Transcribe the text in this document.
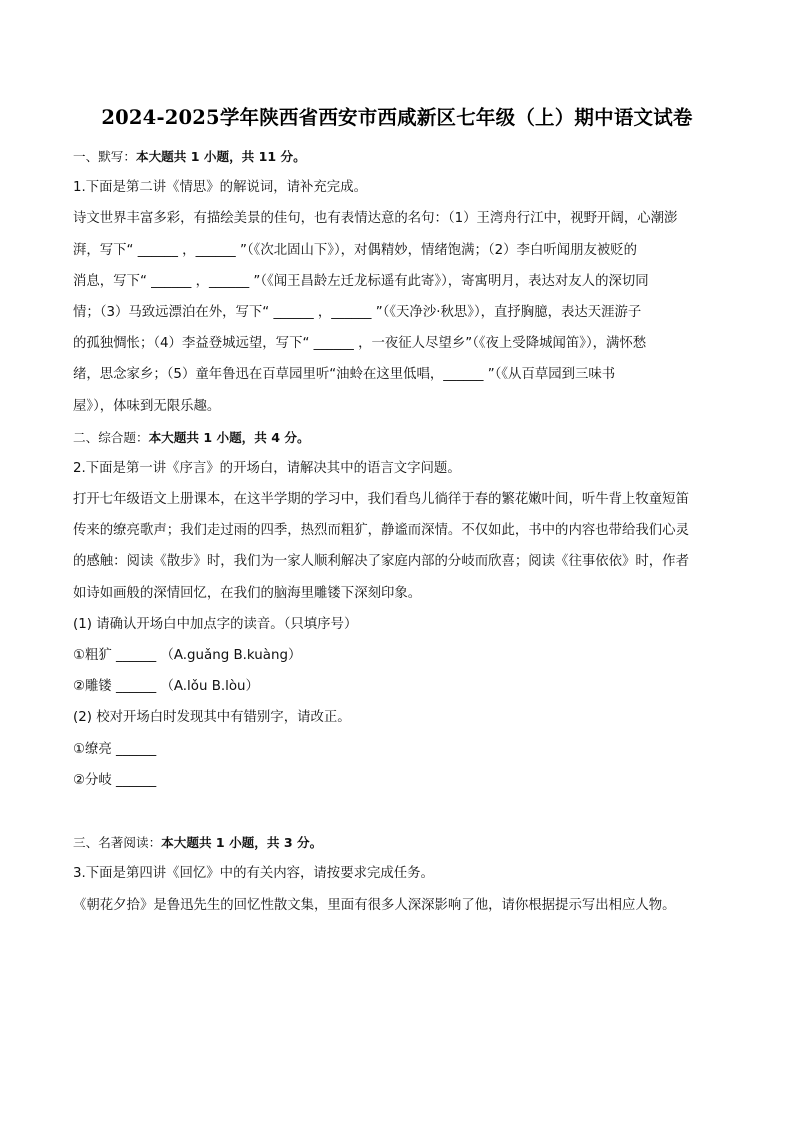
2024-2025学年陕西省西安市西咸新区七年级（上）期中语文试卷
一、默写：本大题共 1 小题，共 11 分。
1.下面是第二讲《情思》的解说词，请补充完成。
诗文世界丰富多彩，有描绘美景的佳句，也有表情达意的名句：（1）王湾舟行江中，视野开阔，心潮澎
湃，写下“ ______ ，______ ”（《次北固山下》），对偶精妙，情绪饱满；（2）李白听闻朋友被贬的
消息，写下“ ______ ，______ ”（《闻王昌龄左迁龙标遥有此寄》），寄寓明月，表达对友人的深切同
情；（3）马致远漂泊在外，写下“ ______ ，______ ”（《天净沙·秋思》），直抒胸臆，表达天涯游子
的孤独惆怅；（4）李益登城远望，写下“ ______ ，一夜征人尽望乡”（《夜上受降城闻笛》），满怀愁
绪，思念家乡；（5）童年鲁迅在百草园里听“油蛉在这里低唱，______ ”（《从百草园到三味书
屋》），体味到无限乐趣。
二、综合题：本大题共 1 小题，共 4 分。
2.下面是第一讲《序言》的开场白，请解决其中的语言文字问题。
打开七年级语文上册课本，在这半学期的学习中，我们看鸟儿徜徉于春的繁花嫩叶间，听牛背上牧童短笛
传来的缭亮歌声；我们走过雨的四季，热烈而粗犷，静谧而深情。不仅如此，书中的内容也带给我们心灵
的感触：阅读《散步》时，我们为一家人顺利解决了家庭内部的分岐而欣喜；阅读《往事依依》时，作者
如诗如画般的深情回忆，在我们的脑海里雕镂下深刻印象。
(1) 请确认开场白中加点字的读音。（只填序号）
①粗犷 ______ （A.guǎng B.kuàng）
②雕镂 ______ （A.lǒu B.lòu）
(2) 校对开场白时发现其中有错别字，请改正。
①缭亮 ______
②分岐 ______
三、名著阅读：本大题共 1 小题，共 3 分。
3.下面是第四讲《回忆》中的有关内容，请按要求完成任务。
《朝花夕拾》是鲁迅先生的回忆性散文集，里面有很多人深深影响了他，请你根据提示写出相应人物。
